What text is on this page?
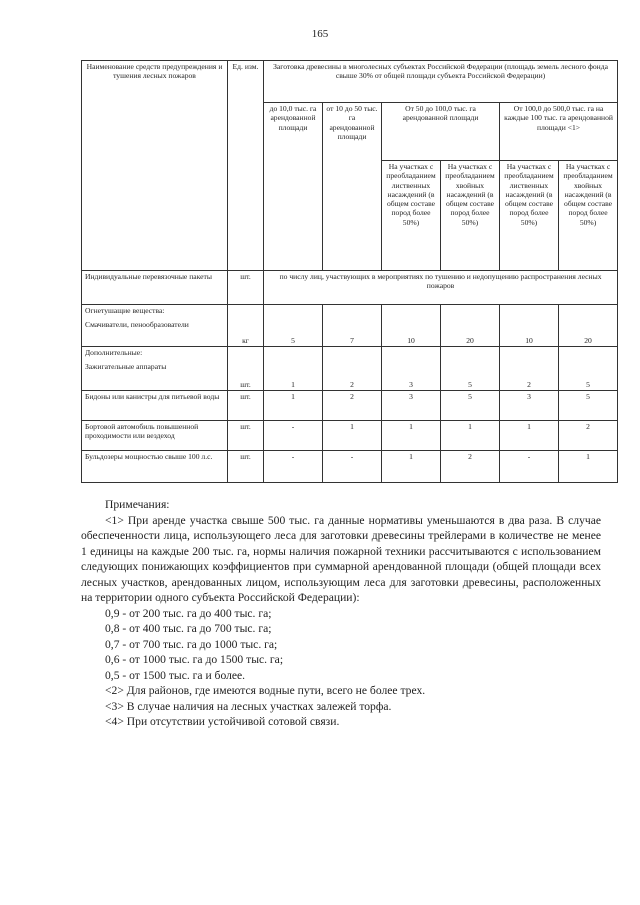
165
Наименование средств предупреждения и тушения лесных пожаров	Ед. изм.	Заготовка древесины в многолесных субъектах Российской Федерации (площадь земель лесного фонда свыше 30% от общей площади субъекта Российской Федерации)					
		до 10,0 тыс. га арендованной площади	от 10 до 50 тыс. га арендованной площади	От 50 до 100,0 тыс. га арендованной площади		От 100,0 до 500,0 тыс. га на каждые 100 тыс. га арендованной площади <1>	
				На участках с преобладанием лиственных насаждений (в общем составе пород более 50%)	На участках с преобладанием хвойных насаждений (в общем составе пород более 50%)	На участках с преобладанием лиственных насаждений (в общем составе пород более 50%)	На участках с преобладанием хвойных насаждений (в общем составе пород более 50%)
Индивидуальные перевязочные пакеты	шт.	по числу лиц, участвующих в мероприятиях по тушению и недопущению распространения лесных пожаров					

Огнетушащие вещества:
Смачиватели, пенообразователи	кг	5	7	10	20	10	20

Дополнительные:
Зажигательные аппараты	шт.	1	2	3	5	2	5
Бидоны или канистры для питьевой воды	шт.	1	2	3	5	3	5
Бортовой автомобиль повышенной проходимости или вездеход	шт.	-	1	1	1	1	2
Бульдозеры мощностью свыше 100 л.с.	шт.	-	-	1	2	-	1

Примечания:

<1> При аренде участка свыше 500 тыс. га данные нормативы уменьшаются в два раза. В случае обеспеченности лица, использующего леса для заготовки древесины трейлерами в количестве не менее 1 единицы на каждые 200 тыс. га, нормы наличия пожарной техники рассчитываются с использованием следующих понижающих коэффициентов при суммарной арендованной площади (общей площади всех лесных участков, арендованных лицом, использующим леса для заготовки древесины, расположенных на территории одного субъекта Российской Федерации):

0,9 - от 200 тыс. га до 400 тыс. га;

0,8 - от 400 тыс. га до 700 тыс. га;

0,7 - от 700 тыс. га до 1000 тыс. га;

0,6 - от 1000 тыс. га до 1500 тыс. га;

0,5 - от 1500 тыс. га и более.

<2> Для районов, где имеются водные пути, всего не более трех.

<3> В случае наличия на лесных участках залежей торфа.

<4> При отсутствии устойчивой сотовой связи.
